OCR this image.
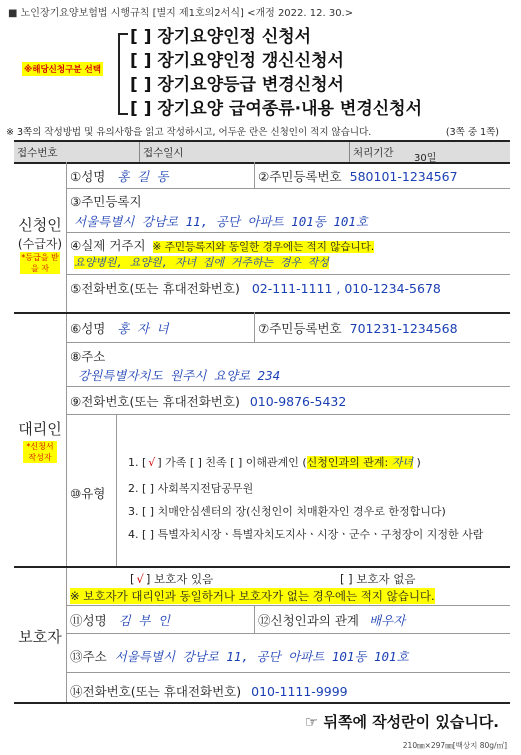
■ 노인장기요양보험법 시행규칙 [별지 제1호의2서식] <개정 2022. 12. 30.>
※해당신청구분 선택
[ ] 장기요양인정 신청서
[ ] 장기요양인정 갱신신청서
[ ] 장기요양등급 변경신청서
[ ] 장기요양 급여종류·내용 변경신청서
※ 3쪽의 작성방법 및 유의사항을 읽고 작성하시고, 어두운 란은 신청인이 적지 않습니다.	(3쪽 중 1쪽)
접수번호	접수일시	처리기간 30일
신청인
(수급자)
*등급을 받을 자
①성명 홍 길 동	②주민등록번호 580101-1234567
③주민등록지
서울특별시 강남로 11, 공단 아파트 101동 101호
④실제 거주지 ※ 주민등록지와 동일한 경우에는 적지 않습니다.
요양병원, 요양원, 자녀 집에 거주하는 경우 작성
⑤전화번호(또는 휴대전화번호) 02-111-1111 , 010-1234-5678
대리인
*신청서 작성자
⑥성명 홍 자 녀	⑦주민등록번호 701231-1234568
⑧주소
강원특별자치도 원주시 요양로 234
⑨전화번호(또는 휴대전화번호) 010-9876-5432
⑩유형
1. [ √ ] 가족 [ ] 친족 [ ] 이해관계인 (신청인과의 관계: 자녀 )
2. [ ] 사회복지전담공무원
3. [ ] 치매안심센터의 장(신청인이 치매환자인 경우로 한정합니다)
4. [ ] 특별자치시장ㆍ특별자치도지사ㆍ시장ㆍ군수ㆍ구청장이 지정한 사람
보호자
[ √ ] 보호자 있음	[ ] 보호자 없음
※ 보호자가 대리인과 동일하거나 보호자가 없는 경우에는 적지 않습니다.
⑪성명 김 부 인	⑫신청인과의 관계 배우자
⑬주소 서울특별시 강남로 11, 공단 아파트 101동 101호
⑭전화번호(또는 휴대전화번호) 010-1111-9999
☞ 뒤쪽에 작성란이 있습니다.
210㎜×297㎜[백상지 80g/㎡]
